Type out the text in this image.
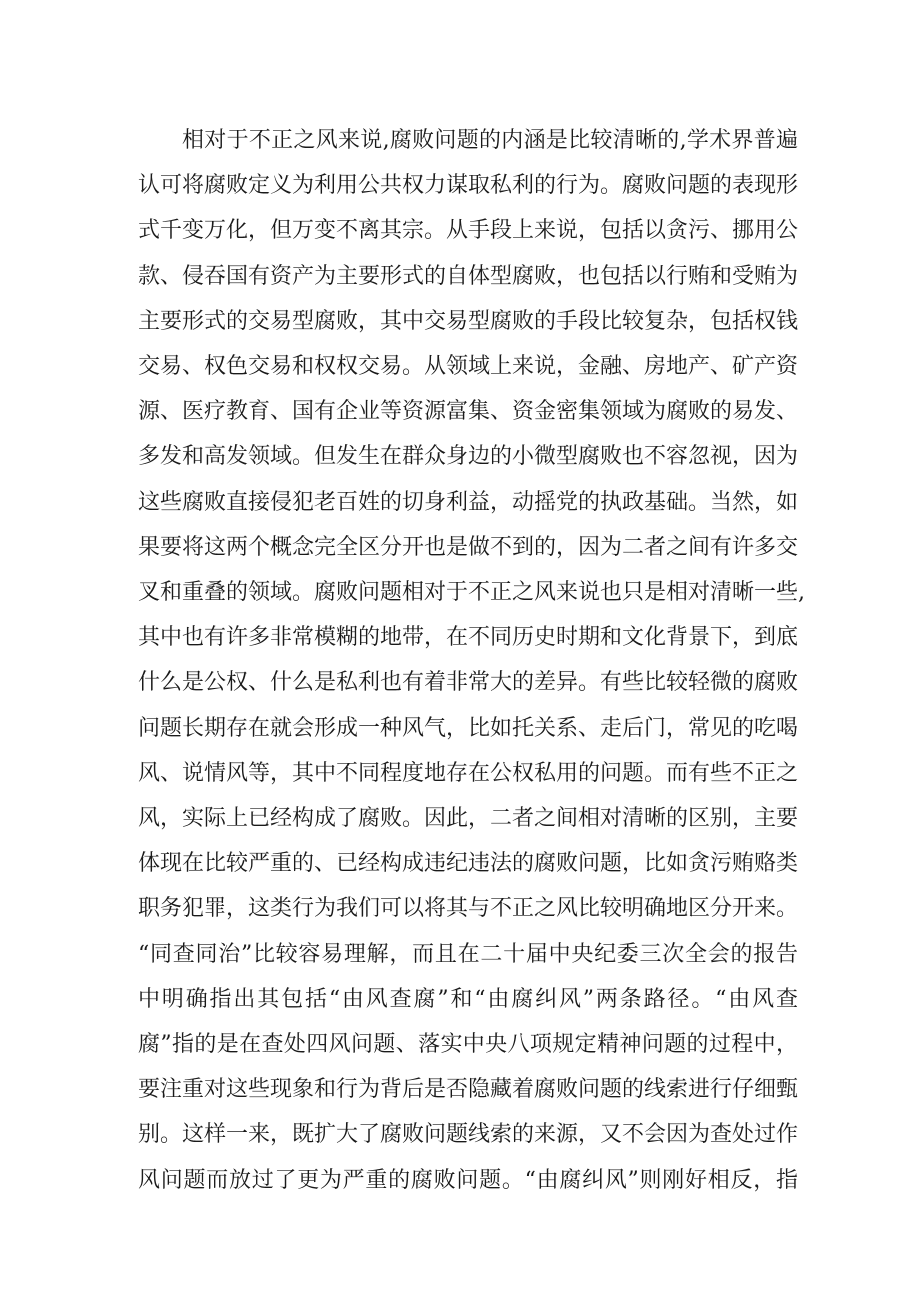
相对于不正之风来说,腐败问题的内涵是比较清晰的,学术界普遍
认可将腐败定义为利用公共权力谋取私利的行为。腐败问题的表现形
式千变万化，但万变不离其宗。从手段上来说，包括以贪污、挪用公
款、侵吞国有资产为主要形式的自体型腐败，也包括以行贿和受贿为
主要形式的交易型腐败，其中交易型腐败的手段比较复杂，包括权钱
交易、权色交易和权权交易。从领域上来说，金融、房地产、矿产资
源、医疗教育、国有企业等资源富集、资金密集领域为腐败的易发、
多发和高发领域。但发生在群众身边的小微型腐败也不容忽视，因为
这些腐败直接侵犯老百姓的切身利益，动摇党的执政基础。当然，如
果要将这两个概念完全区分开也是做不到的，因为二者之间有许多交
叉和重叠的领域。腐败问题相对于不正之风来说也只是相对清晰一些,
其中也有许多非常模糊的地带，在不同历史时期和文化背景下，到底
什么是公权、什么是私利也有着非常大的差异。有些比较轻微的腐败
问题长期存在就会形成一种风气，比如托关系、走后门，常见的吃喝
风、说情风等，其中不同程度地存在公权私用的问题。而有些不正之
风，实际上已经构成了腐败。因此，二者之间相对清晰的区别，主要
体现在比较严重的、已经构成违纪违法的腐败问题，比如贪污贿赂类
职务犯罪，这类行为我们可以将其与不正之风比较明确地区分开来。
“同查同治”比较容易理解，而且在二十届中央纪委三次全会的报告
中明确指出其包括“由风查腐”和“由腐纠风”两条路径。“由风查
腐”指的是在查处四风问题、落实中央八项规定精神问题的过程中，
要注重对这些现象和行为背后是否隐藏着腐败问题的线索进行仔细甄
别。这样一来，既扩大了腐败问题线索的来源，又不会因为查处过作
风问题而放过了更为严重的腐败问题。“由腐纠风”则刚好相反，指
